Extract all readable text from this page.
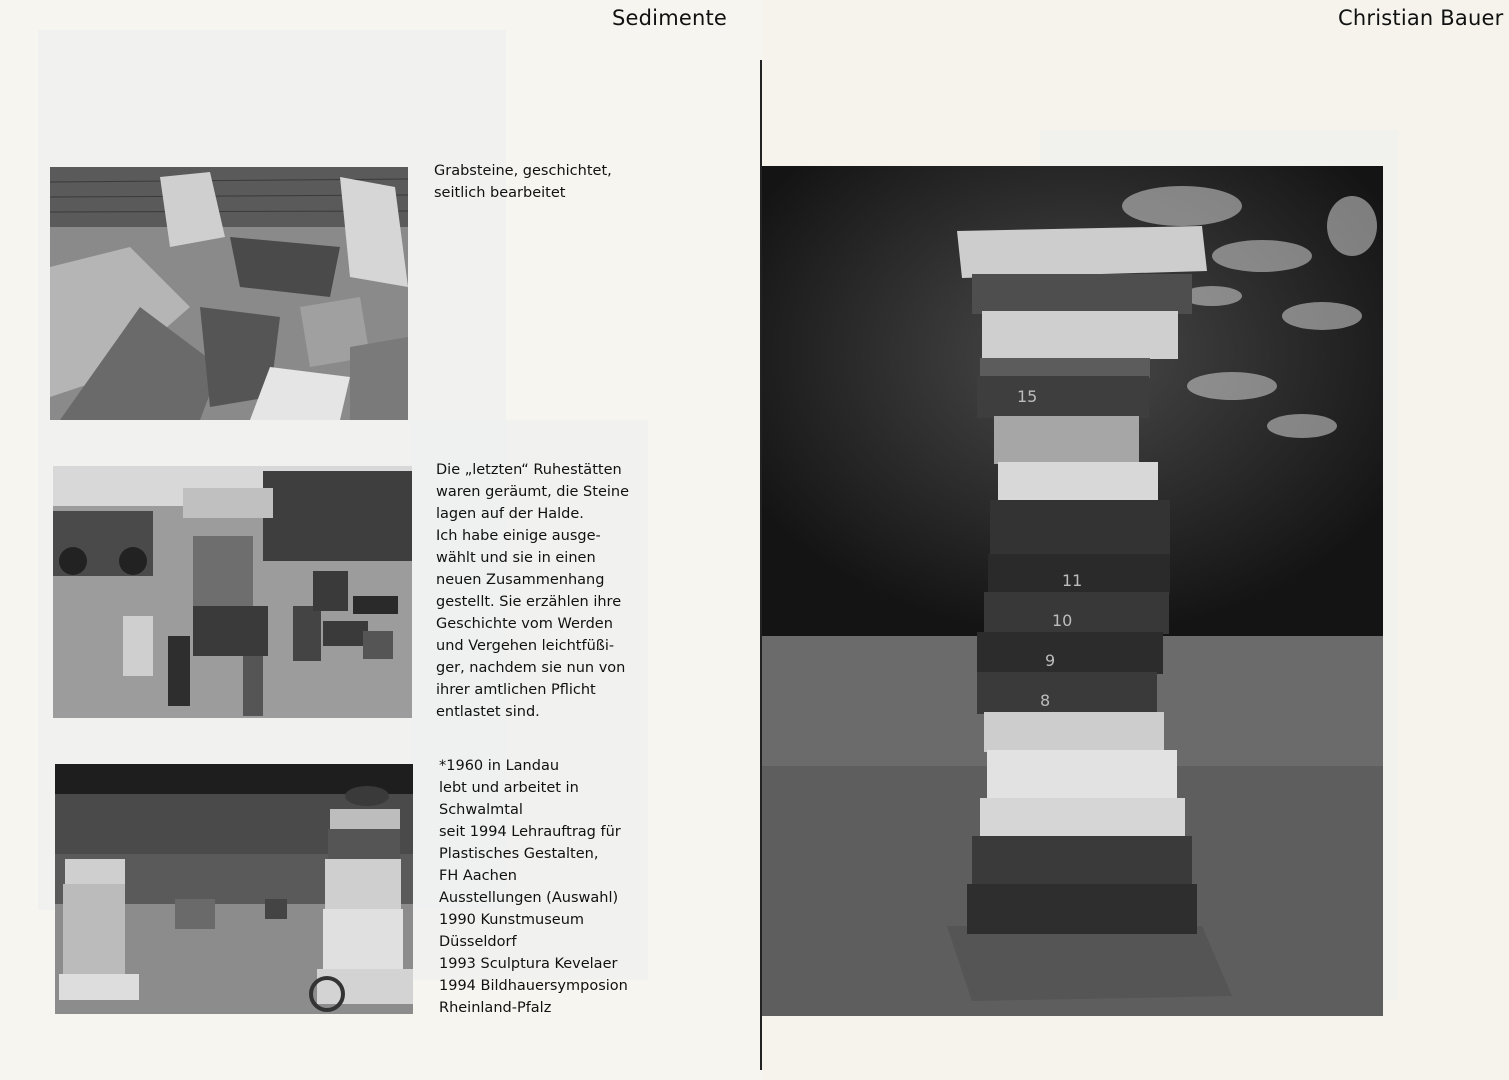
Sedimente
Grabsteine, geschichtet,
seitlich bearbeitet
Die „letzten“ Ruhestätten
waren geräumt, die Steine
lagen auf der Halde.
Ich habe einige ausge-
wählt und sie in einen
neuen Zusammenhang
gestellt. Sie erzählen ihre
Geschichte vom Werden
und Vergehen leichtfüßi-
ger, nachdem sie nun von
ihrer amtlichen Pflicht
entlastet sind.
*1960 in Landau
lebt und arbeitet in
Schwalmtal
seit 1994 Lehrauftrag für
Plastisches Gestalten,
FH Aachen
Ausstellungen (Auswahl)
1990 Kunstmuseum
Düsseldorf
1993 Sculptura Kevelaer
1994 Bildhauersymposion
Rheinland-Pfalz
Christian Bauer
15
11
10
9
8
